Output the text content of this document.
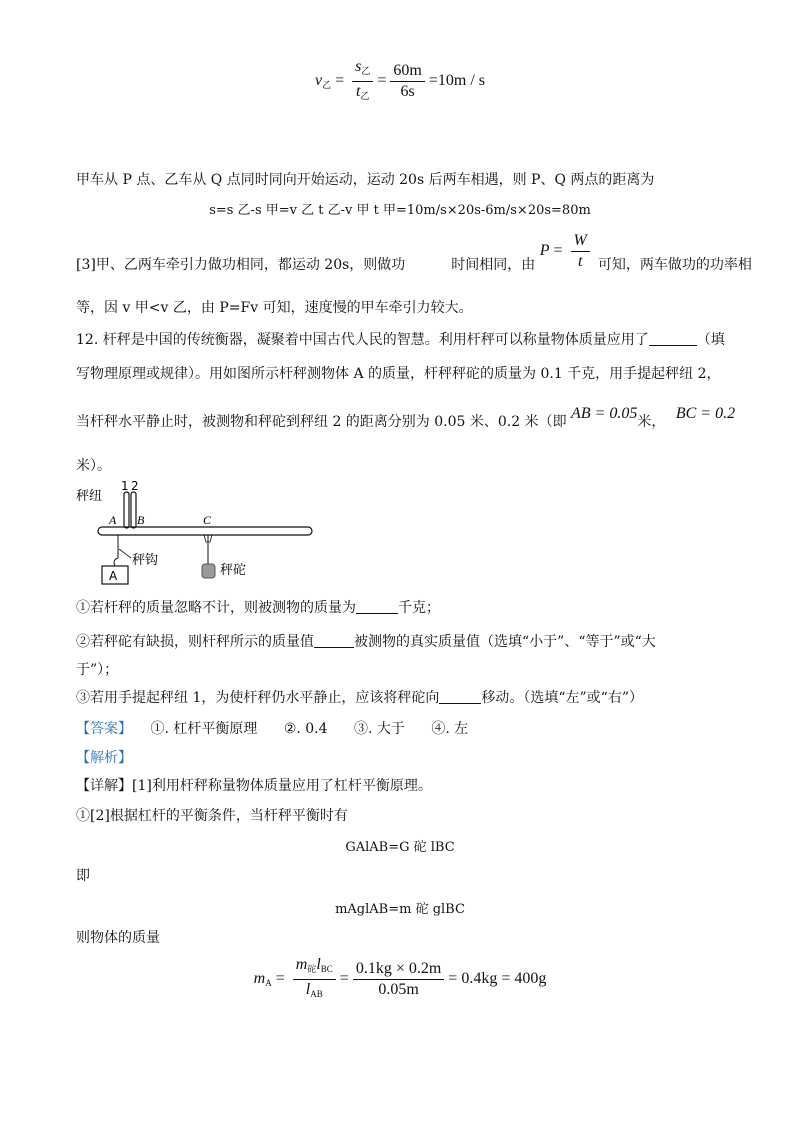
$v_乙 = \frac{s_乙}{t_乙} = \frac{60m}{6s} =10m / s$
甲车从 P 点、乙车从 Q 点同时同向开始运动，运动 20s 后两车相遇，则 P、Q 两点的距离为
s=s 乙-s 甲=v 乙 t 乙-v 甲 t 甲=10m/s×20s-6m/s×20s=80m
[3]甲、乙两车牵引力做功相同，都运动 20s，则做功	时间相同，由 $P = \frac{W}{t}$ 可知，两车做功的功率相
等，因 v 甲<v 乙，由 P=Fv 可知，速度慢的甲车牵引力较大。
12. 杆秤是中国的传统衡器，凝聚着中国古代人民的智慧。利用杆秤可以称量物体质量应用了	（填
写物理原理或规律）。用如图所示杆秤测物体 A 的质量，杆秤秤砣的质量为 0.1 千克，用手提起秤纽 2，
当杆秤水平静止时，被测物和秤砣到秤纽 2 的距离分别为 0.05 米、0.2 米（即 AB = 0.05米， BC = 0.2
米）。
秤纽
1 2
A B	C
秤钩
秤砣
A
①若杆秤的质量忽略不计，则被测物的质量为	千克；
②若秤砣有缺损，则杆秤所示的质量值	被测物的真实质量值（选填“小于”、“等于”或“大
于”）；
③若用手提起秤纽 1，为使杆秤仍水平静止，应该将秤砣向	移动。（选填“左”或“右”）
【答案】 ①. 杠杆平衡原理 ②. 0.4 ③. 大于 ④. 左
【解析】
【详解】[1]利用杆秤称量物体质量应用了杠杆平衡原理。
①[2]根据杠杆的平衡条件，当杆秤平衡时有
GAlAB=G 砣 lBC
即
mAglAB=m 砣 glBC
则物体的质量
$m_A = \frac{m_砣l_{BC}}{l_{AB}} = \frac{0.1kg \times 0.2m}{0.05m} = 0.4kg = 400g$
